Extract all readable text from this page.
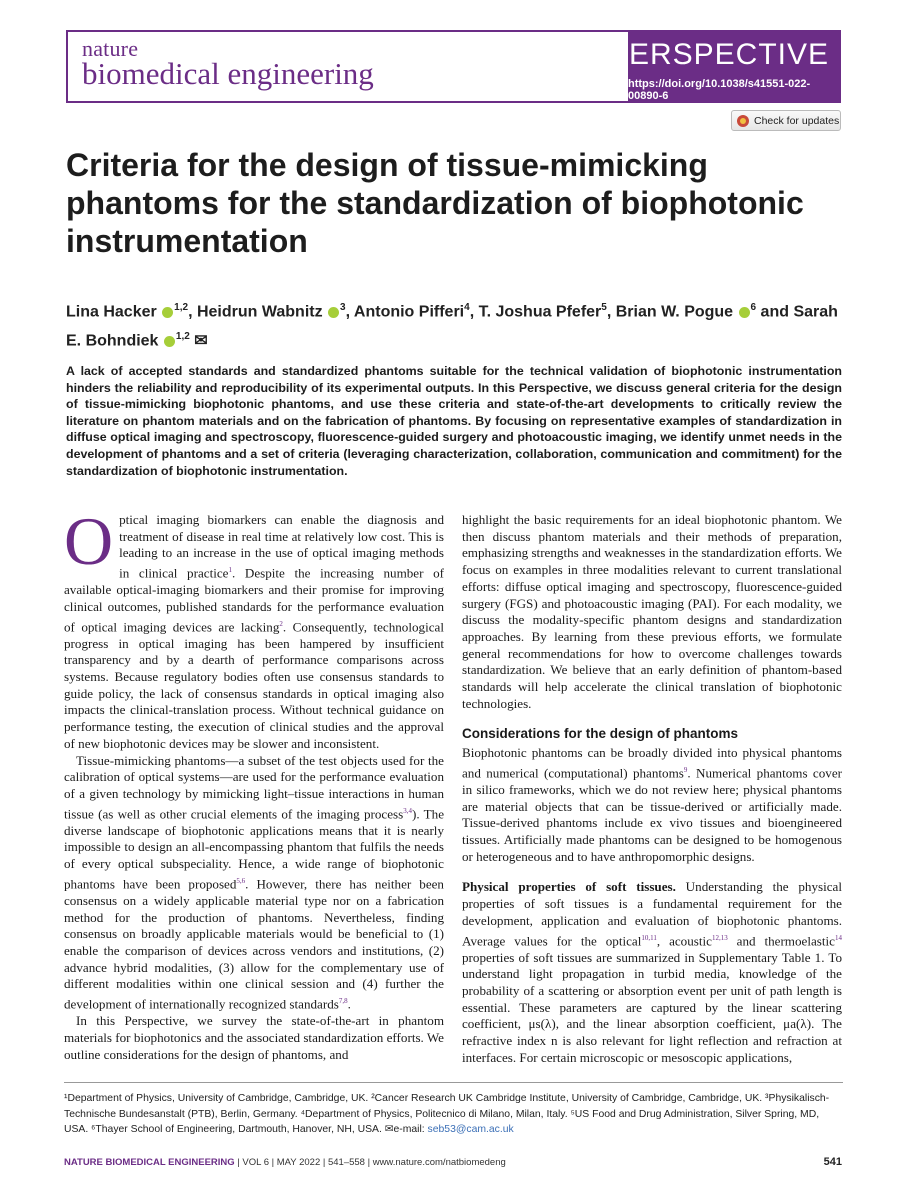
nature
biomedical engineering
PERSPECTIVE
https://doi.org/10.1038/s41551-022-00890-6
Check for updates
Criteria for the design of tissue-mimicking phantoms for the standardization of biophotonic instrumentation
Lina Hacker $^{1,2}$, Heidrun Wabnitz $^3$, Antonio Pifferi$^4$, T. Joshua Pfefer$^5$, Brian W. Pogue $^6$ and Sarah E. Bohndiek $^{1,2}$ ✉
A lack of accepted standards and standardized phantoms suitable for the technical validation of biophotonic instrumentation hinders the reliability and reproducibility of its experimental outputs. In this Perspective, we discuss general criteria for the design of tissue-mimicking biophotonic phantoms, and use these criteria and state-of-the-art developments to critically review the literature on phantom materials and on the fabrication of phantoms. By focusing on representative examples of standardization in diffuse optical imaging and spectroscopy, fluorescence-guided surgery and photoacoustic imaging, we identify unmet needs in the development of phantoms and a set of criteria (leveraging characterization, collaboration, communication and commitment) for the standardization of biophotonic instrumentation.

Optical imaging biomarkers can enable the diagnosis and treatment of disease in real time at relatively low cost. This is leading to an increase in the use of optical imaging methods in clinical practice$^1$. Despite the increasing number of available optical-imaging biomarkers and their promise for improving clinical outcomes, published standards for the performance evaluation of optical imaging devices are lacking$^2$. Consequently, technological progress in optical imaging has been hampered by insufficient transparency and by a dearth of performance comparisons across systems. Because regulatory bodies often use consensus standards to guide policy, the lack of consensus standards in optical imaging also impacts the clinical-translation process. Without technical guidance on performance testing, the execution of clinical studies and the approval of new biophotonic devices may be slower and inconsistent.

Tissue-mimicking phantoms—a subset of the test objects used for the calibration of optical systems—are used for the performance evaluation of a given technology by mimicking light–tissue interactions in human tissue (as well as other crucial elements of the imaging process$^{3,4}$). The diverse landscape of biophotonic applications means that it is nearly impossible to design an all-encompassing phantom that fulfils the needs of every optical subspeciality. Hence, a wide range of biophotonic phantoms have been proposed$^{5,6}$. However, there has neither been consensus on a widely applicable material type nor on a fabrication method for the production of phantoms. Nevertheless, finding consensus on broadly applicable materials would be beneficial to (1) enable the comparison of devices across vendors and institutions, (2) advance hybrid modalities, (3) allow for the complementary use of different modalities within one clinical session and (4) further the development of internationally recognized standards$^{7,8}$.

In this Perspective, we survey the state-of-the-art in phantom materials for biophotonics and the associated standardization efforts. We outline considerations for the design of phantoms, and

highlight the basic requirements for an ideal biophotonic phantom. We then discuss phantom materials and their methods of preparation, emphasizing strengths and weaknesses in the standardization efforts. We focus on examples in three modalities relevant to current translational efforts: diffuse optical imaging and spectroscopy, fluorescence-guided surgery (FGS) and photoacoustic imaging (PAI). For each modality, we discuss the modality-specific phantom designs and standardization approaches. By learning from these previous efforts, we formulate general recommendations for how to overcome challenges towards standardization. We believe that an early definition of phantom-based standards will help accelerate the clinical translation of biophotonic technologies.

Considerations for the design of phantoms

Biophotonic phantoms can be broadly divided into physical phantoms and numerical (computational) phantoms$^9$. Numerical phantoms cover in silico frameworks, which we do not review here; physical phantoms are material objects that can be tissue-derived or artificially made. Tissue-derived phantoms include ex vivo tissues and bioengineered tissues. Artificially made phantoms can be designed to be homogenous or heterogeneous and to have anthropomorphic designs.

Physical properties of soft tissues. Understanding the physical properties of soft tissues is a fundamental requirement for the development, application and evaluation of biophotonic phantoms. Average values for the optical$^{10,11}$, acoustic$^{12,13}$ and thermoelastic$^{14}$ properties of soft tissues are summarized in Supplementary Table 1. To understand light propagation in turbid media, knowledge of the probability of a scattering or absorption event per unit of path length is essential. These parameters are captured by the linear scattering coefficient, μs(λ), and the linear absorption coefficient, μa(λ). The refractive index n is also relevant for light reflection and refraction at interfaces. For certain microscopic or mesoscopic applications,

¹Department of Physics, University of Cambridge, Cambridge, UK. ²Cancer Research UK Cambridge Institute, University of Cambridge, Cambridge, UK. ³Physikalisch-Technische Bundesanstalt (PTB), Berlin, Germany. ⁴Department of Physics, Politecnico di Milano, Milan, Italy. ⁵US Food and Drug Administration, Silver Spring, MD, USA. ⁶Thayer School of Engineering, Dartmouth, Hanover, NH, USA. ✉e-mail: seb53@cam.ac.uk
NATURE BIOMEDICAL ENGINEERING | VOL 6 | MAY 2022 | 541–558 | www.nature.com/natbiomedeng	541
